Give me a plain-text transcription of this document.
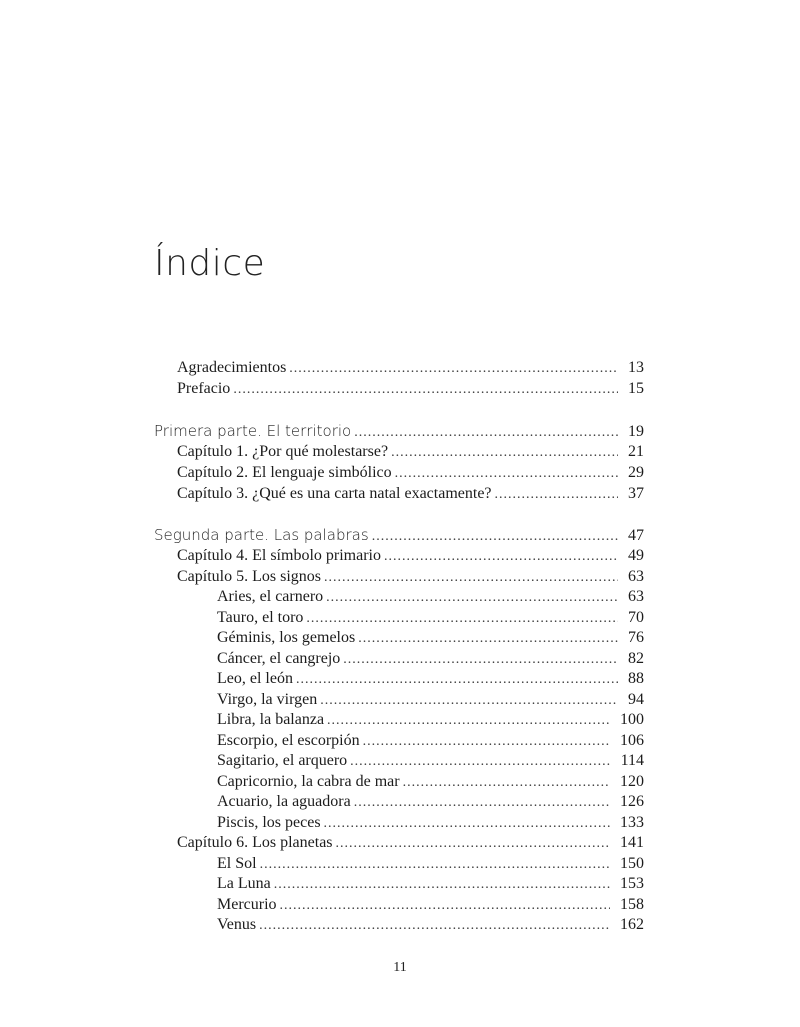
Índice
Agradecimientos .....	13
Prefacio .....	15
Primera parte. El territorio .....	19
Capítulo 1. ¿Por qué molestarse? .....	21
Capítulo 2. El lenguaje simbólico .....	29
Capítulo 3. ¿Qué es una carta natal exactamente? .....	37
Segunda parte. Las palabras .....	47
Capítulo 4. El símbolo primario .....	49
Capítulo 5. Los signos .....	63
Aries, el carnero .....	63
Tauro, el toro .....	70
Géminis, los gemelos .....	76
Cáncer, el cangrejo .....	82
Leo, el león .....	88
Virgo, la virgen .....	94
Libra, la balanza .....	100
Escorpio, el escorpión .....	106
Sagitario, el arquero .....	114
Capricornio, la cabra de mar .....	120
Acuario, la aguadora .....	126
Piscis, los peces .....	133
Capítulo 6. Los planetas .....	141
El Sol .....	150
La Luna .....	153
Mercurio .....	158
Venus .....	162
11
